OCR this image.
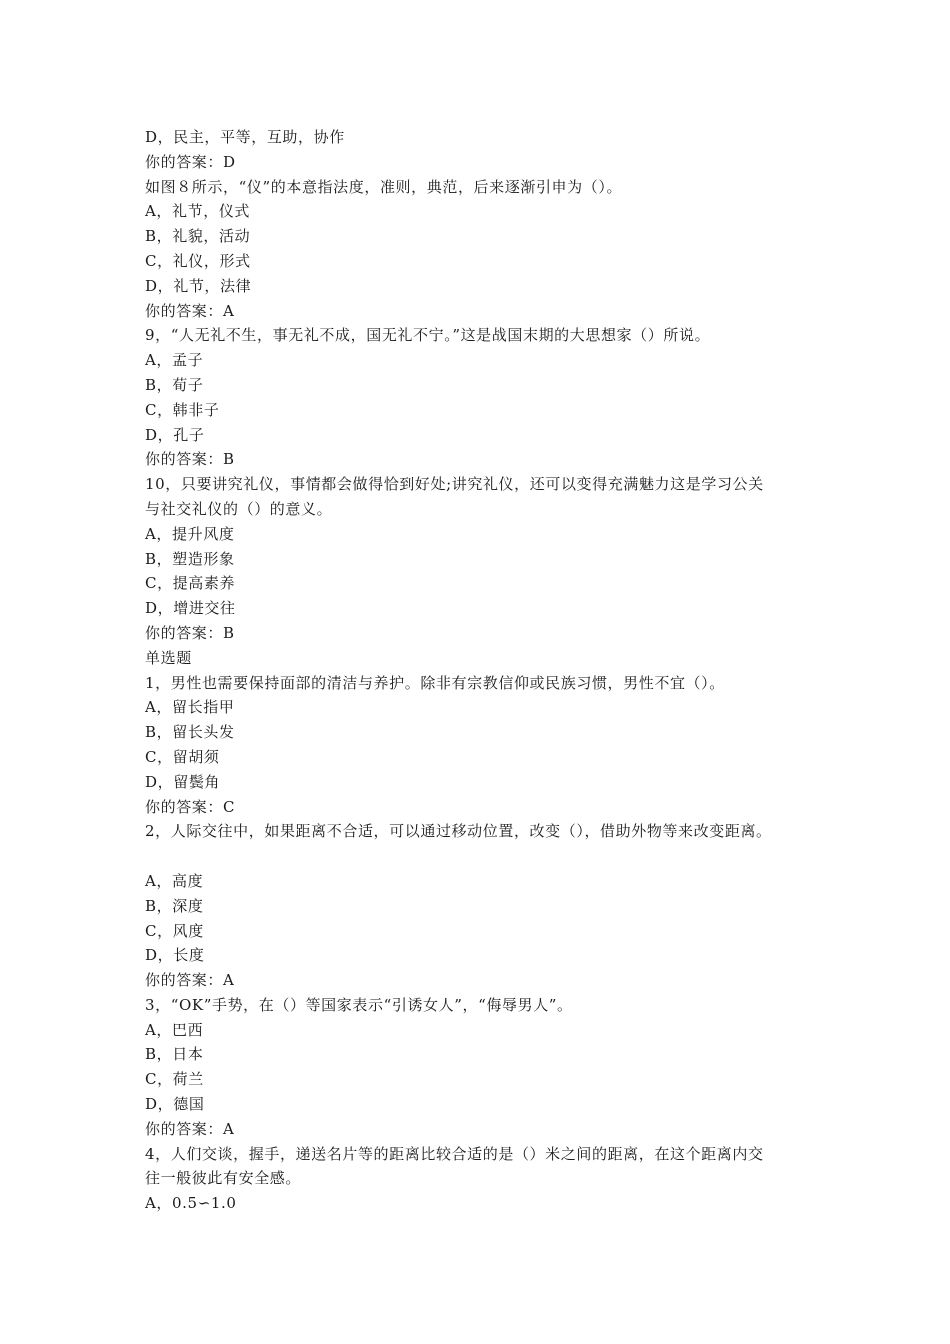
D，民主，平等，互助，协作
你的答案：D
如图８所示，“仪”的本意指法度，准则，典范，后来逐渐引申为（）。
A，礼节，仪式
B，礼貌，活动
C，礼仪，形式
D，礼节，法律
你的答案：A
9，“人无礼不生，事无礼不成，国无礼不宁。”这是战国末期的大思想家（）所说。
A，孟子
B，荀子
C，韩非子
D，孔子
你的答案：B
10，只要讲究礼仪，事情都会做得恰到好处;讲究礼仪，还可以变得充满魅力这是学习公关
与社交礼仪的（）的意义。
A，提升风度
B，塑造形象
C，提高素养
D，增进交往
你的答案：B
单选题
1，男性也需要保持面部的清洁与养护。除非有宗教信仰或民族习惯，男性不宜（）。
A，留长指甲
B，留长头发
C，留胡须
D，留鬓角
你的答案：C
2，人际交往中，如果距离不合适，可以通过移动位置，改变（），借助外物等来改变距离。
A，高度
B，深度
C，风度
D，长度
你的答案：A
3，“OK”手势，在（）等国家表示“引诱女人”，“侮辱男人”。
A，巴西
B，日本
C，荷兰
D，德国
你的答案：A
4，人们交谈，握手，递送名片等的距离比较合适的是（）米之间的距离，在这个距离内交
往一般彼此有安全感。
A，0.5∽1.0
